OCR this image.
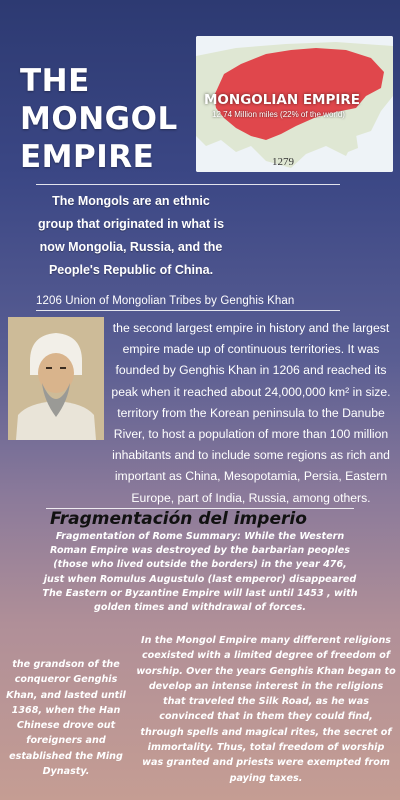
THE MONGOL EMPIRE
MONGOLIAN EMPIRE
12.74 Million miles (22% of the world)
1279
The Mongols are an ethnic group that originated in what is now Mongolia, Russia, and the People's Republic of China.
1206 Union of Mongolian Tribes by Genghis Khan
the second largest empire in history and the largest empire made up of continuous territories. It was founded by Genghis Khan in 1206 and reached its peak when it reached about 24,000,000 km² in size. territory from the Korean peninsula to the Danube River, to host a population of more than 100 million inhabitants and to include some regions as rich and important as China, Mesopotamia, Persia, Eastern Europe, part of India, Russia, among others.
Fragmentación del imperio
Fragmentation of Rome Summary: While the Western Roman Empire was destroyed by the barbarian peoples (those who lived outside the borders) in the year 476, just when Romulus Augustulo (last emperor) disappeared The Eastern or Byzantine Empire will last until 1453 , with golden times and withdrawal of forces.
the grandson of the conqueror Genghis Khan, and lasted until 1368, when the Han Chinese drove out foreigners and established the Ming Dynasty.
In the Mongol Empire many different religions coexisted with a limited degree of freedom of worship. Over the years Genghis Khan began to develop an intense interest in the religions that traveled the Silk Road, as he was convinced that in them they could find, through spells and magical rites, the secret of immortality. Thus, total freedom of worship was granted and priests were exempted from paying taxes.
